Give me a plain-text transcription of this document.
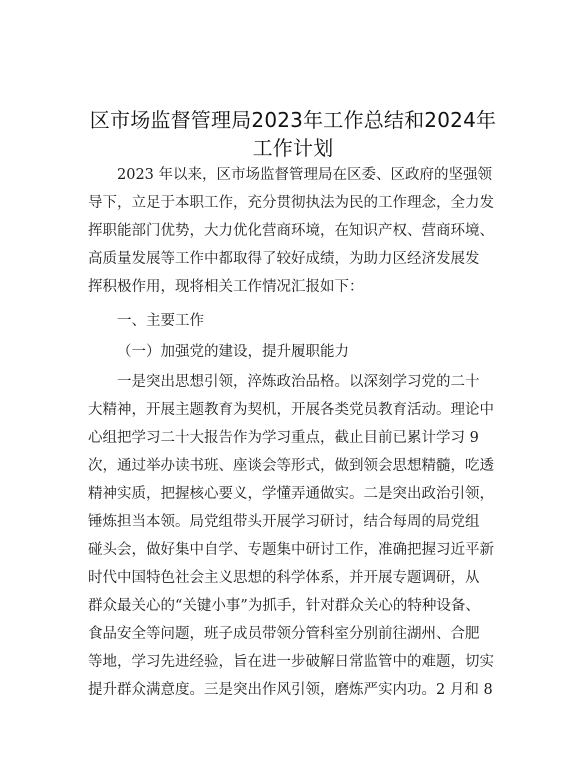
区市场监督管理局2023年工作总结和2024年
工作计划
2023 年以来，区市场监督管理局在区委、区政府的坚强领
导下，立足于本职工作，充分贯彻执法为民的工作理念，全力发
挥职能部门优势，大力优化营商环境，在知识产权、营商环境、
高质量发展等工作中都取得了较好成绩，为助力区经济发展发
挥积极作用，现将相关工作情况汇报如下：
一、主要工作
（一）加强党的建设，提升履职能力
一是突出思想引领，淬炼政治品格。以深刻学习党的二十
大精神，开展主题教育为契机，开展各类党员教育活动。理论中
心组把学习二十大报告作为学习重点，截止目前已累计学习 9
次，通过举办读书班、座谈会等形式，做到领会思想精髓，吃透
精神实质，把握核心要义，学懂弄通做实。二是突出政治引领，
锤炼担当本领。局党组带头开展学习研讨，结合每周的局党组
碰头会，做好集中自学、专题集中研讨工作，准确把握习近平新
时代中国特色社会主义思想的科学体系，并开展专题调研，从
群众最关心的“关键小事”为抓手，针对群众关心的特种设备、
食品安全等问题，班子成员带领分管科室分别前往湖州、合肥
等地，学习先进经验，旨在进一步破解日常监管中的难题，切实
提升群众满意度。三是突出作风引领，磨炼严实内功。2 月和 8
